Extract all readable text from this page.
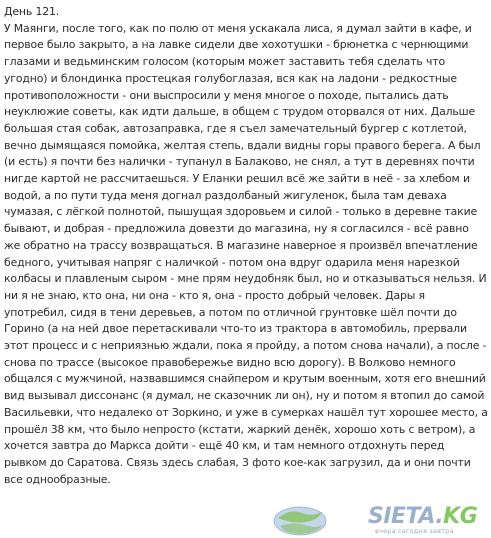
День 121.

У Маянги, после того, как по полю от меня ускакала лиса, я думал зайти в кафе, и первое было закрыто, а на лавке сидели две хохотушки - брюнетка с чернющими глазами и ведьминским голосом (которым может заставить тебя сделать что угодно) и блондинка простецкая голубоглазая, вся как на ладони - редкостные противоположности - они выспросили у меня многое о походе, пытались дать неуклюжие советы, как идти дальше, в общем с трудом оторвался от них. Дальше большая стая собак, автозаправка, где я съел замечательный бургер с котлетой, вечно дымящаяся помойка, желтая степь, вдали видны горы правого берега. А был (и есть) я почти без налички - тупанул в Балаково, не снял, а тут в деревнях почти нигде картой не рассчитаешься. У Еланки решил всё же зайти в неё - за хлебом и водой, а по пути туда меня догнал раздолбаный жигуленок, была там деваха чумазая, с лёгкой полнотой, пышущая здоровьем и силой - только в деревне такие бывают, и добрая - предложила довезти до магазина, ну я согласился - всё равно же обратно на трассу возвращаться. В магазине наверное я произвёл впечатление бедного, учитывая напряг с наличкой - потом она вдруг одарила меня нарезкой колбасы и плавленым сыром - мне прям неудобняк был, но и отказываться нельзя. И ни я не знаю, кто она, ни она - кто я, она - просто добрый человек. Дары я употребил, сидя в тени деревьев, а потом по отличной грунтовке шёл почти до Горино (а на ней двое перетаскивали что-то из трактора в автомобиль, прервали этот процесс и с неприязнью ждали, пока я пройду, а потом снова начали), а после - снова по трассе (высокое правобережье видно всю дорогу). В Волково немного общался с мужчиной, назвавшимся снайпером и крутым военным, хотя его внешний вид вызывал диссонанс (я думал, не сказочник ли он), ну и потом я втопил до самой Васильевки, что недалеко от Зоркино, и уже в сумерках нашёл тут хорошее место, а прошёл 38 км, что было непросто (кстати, жаркий денёк, хорошо хоть с ветром), а хочется завтра до Маркса дойти - ещё 40 км, и там немного отдохнуть перед рывком до Саратова. Связь здесь слабая, 3 фото кое-как загрузил, да и они почти все однообразные.

SIETA.KG
вчера сегодня завтра
